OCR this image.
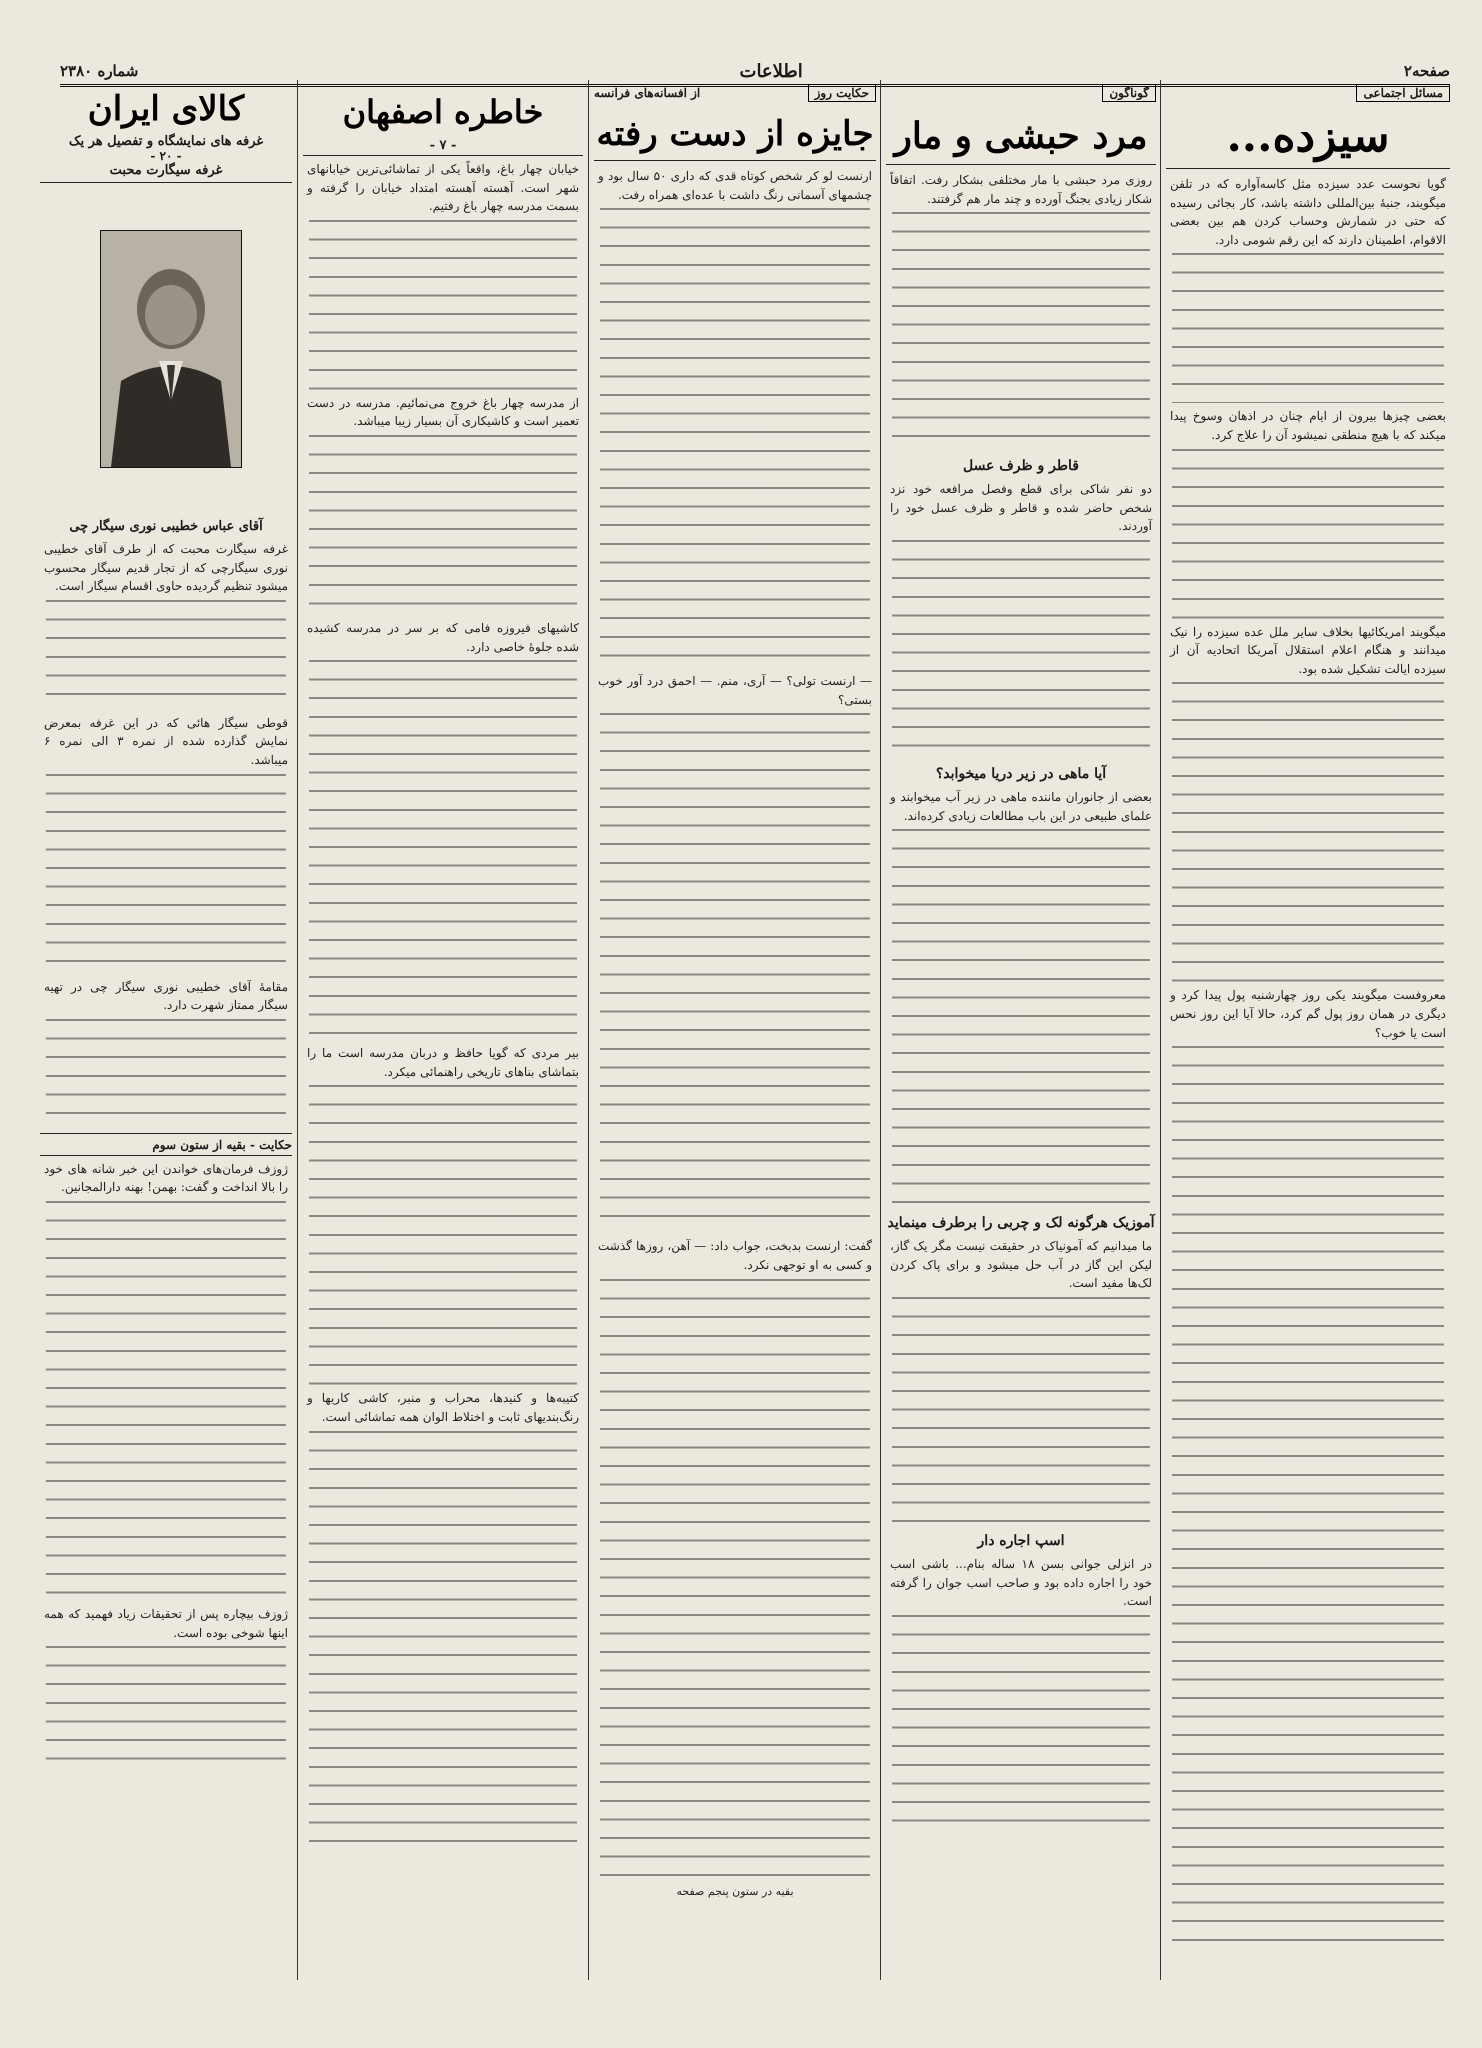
شماره ۲۳۸۰	اطلاعات	صفحه۲
مسائل اجتماعی
سیزده...
گویا نحوست عدد سیزده مثل کاسه‌آواره که در تلفن میگویند، جنبهٔ بین‌المللی داشته باشد، کار بجائی رسیده که حتی در شمارش وحساب کردن هم بین بعضی الاقوام، اطمینان دارند که این رقم شومی دارد.
بعضی چیزها بیرون از ایام چنان در اذهان وسوخ پیدا میکند که با هیچ منطقی نمیشود آن را علاج کرد.
میگویند امریکائیها بخلاف سایر ملل عده سیزده را نیک میدانند و هنگام اعلام استقلال آمریکا اتحادیه آن از سیزده ایالت تشکیل شده بود.
معروفست میگویند یکی روز چهارشنبه پول پیدا کرد و دیگری در همان روز پول گم کرد، حالا آیا این روز نحس است یا خوب؟
گوناگون
مرد حبشی و مار
روزی مرد حبشی با مار مختلفی بشکار رفت. اتفاقاً شکار زیادی بجنگ آورده و چند مار هم گرفتند.
قاطر و ظرف عسل
دو نفر شاکی برای قطع وفصل مرافعه خود نزد شخص حاضر شده و قاطر و ظرف عسل خود را آوردند.
آیا ماهی در زیر دریا میخوابد؟
بعضی از جانوران ماننده ماهی در زیر آب میخوابند و علمای طبیعی در این باب مطالعات زیادی کرده‌اند.
آموزیک هرگونه لک و چربی را برطرف مینماید
ما میدانیم که آمونیاک در حقیقت نیست مگر یک گاز، لیکن این گاز در آب حل میشود و برای پاک کردن لک‌ها مفید است.
اسپ اجاره دار
در انزلی جوانی بسن ۱۸ ساله بنام... باشی اسب خود را اجاره داده بود و صاحب اسب جوان را گرفته است.
حکایت روز
از افسانه‌های فرانسه
جایزه از دست رفته
ارنست لو کر شخص کوتاه قدی که داری ۵۰ سال بود و چشمهای آسمانی رنگ داشت با عده‌ای همراه رفت.
— ارنست تولی؟ — آری، منم. — احمق درد آور خوب بستی؟
گفت: ارنست بدبخت، جواب داد: — آهن، روزها گذشت و کسی به او توجهی نکرد.
بقیه در ستون پنجم صفحه
خاطره اصفهان
- ۷ -
خیابان چهار باغ، واقعاً یکی از تماشائی‌ترین خیابانهای شهر است. آهسته آهسته امتداد خیابان را گرفته و بسمت مدرسه چهار باغ رفتیم.
از مدرسه چهار باغ خروج می‌نمائیم. مدرسه در دست تعمیر است و کاشیکاری آن بسیار زیبا میباشد.
کاشیهای فیروزه فامی که بر سر در مدرسه کشیده شده جلوهٔ خاصی دارد.
بیر مردی که گویا حافظ و دربان مدرسه است ما را بتماشای بناهای تاریخی راهنمائی میکرد.
کتیبه‌ها و کنیدها، محراب و منبر، کاشی کاریها و رنگ‌بندیهای ثابت و اختلاط الوان همه تماشائی است.
کالای ایران
غرفه های نمایشگاه و تفصیل هر یک
- ۲۰ -
غرفه سیگارت محبت
آقای عباس خطیبی نوری سیگار چی
غرفه سیگارت محبت که از طرف آقای خطیبی نوری سیگارچی که از تجار قدیم سیگار محسوب میشود تنظیم گردیده حاوی اقسام سیگار است.
قوطی سیگار هائی که در این غرفه بمعرض نمایش گذارده شده از نمره ۳ الی نمره ۶ میباشد.
مقامهٔ آقای خطیبی نوری سیگار چی در تهیه سیگار ممتاز شهرت دارد.
حکایت - بقیه از ستون سوم
ژوزف فرمان‌های خواندن این خبر شانه های خود را بالا انداخت و گفت: بهمن! بهنه دارالمجانین.
ژوزف بیچاره پس از تحقیقات زیاد فهمید که همه اینها شوخی بوده است.
